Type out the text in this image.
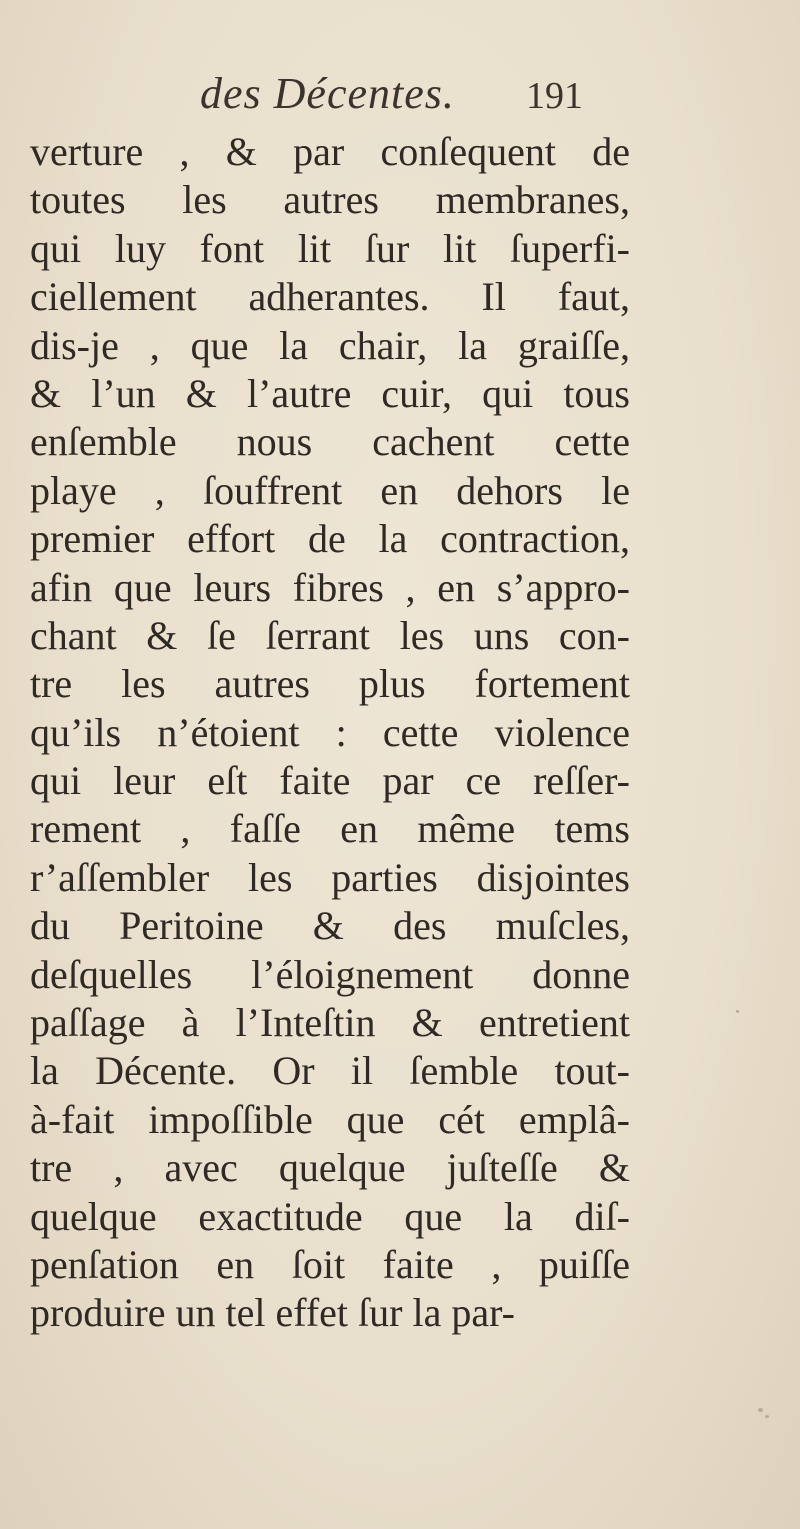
des Décentes. 191
verture , & par conſequent de
toutes les autres membranes,
qui luy font lit ſur lit ſuperfi-
ciellement adherantes. Il faut,
dis-je , que la chair, la graiſſe,
& l’un & l’autre cuir, qui tous
enſemble nous cachent cette
playe , ſouffrent en dehors le
premier effort de la contraction,
afin que leurs fibres , en s’appro-
chant & ſe ſerrant les uns con-
tre les autres plus fortement
qu’ils n’étoient : cette violence
qui leur eſt faite par ce reſſer-
rement , faſſe en même tems
r’aſſembler les parties disjointes
du Peritoine & des muſcles,
deſquelles l’éloignement donne
paſſage à l’Inteſtin & entretient
la Décente. Or il ſemble tout-
à-fait impoſſible que cét emplâ-
tre , avec quelque juſteſſe &
quelque exactitude que la diſ-
penſation en ſoit faite , puiſſe
produire un tel effet ſur la par-
